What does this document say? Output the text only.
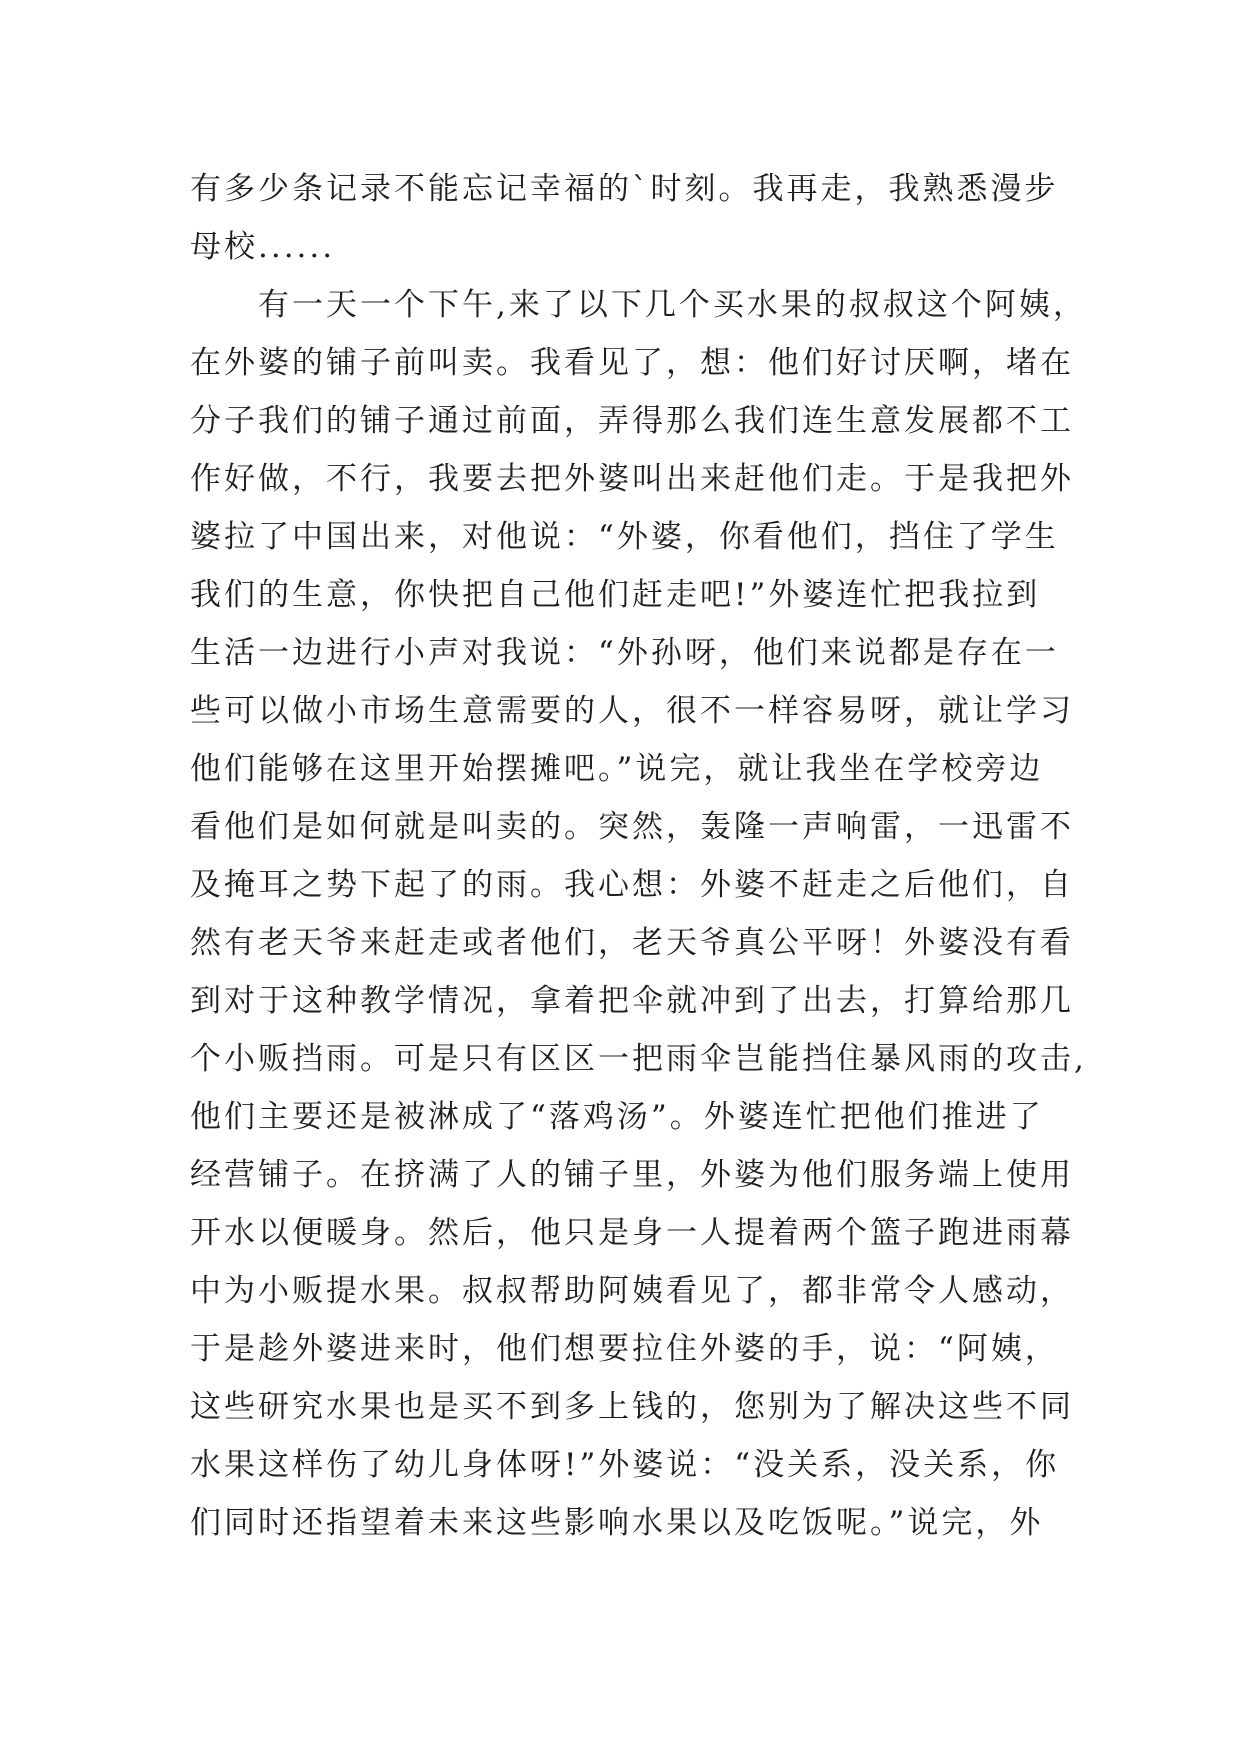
有多少条记录不能忘记幸福的`时刻。我再走，我熟悉漫步
母校......
有一天一个下午,来了以下几个买水果的叔叔这个阿姨，
在外婆的铺子前叫卖。我看见了，想：他们好讨厌啊，堵在
分子我们的铺子通过前面，弄得那么我们连生意发展都不工
作好做，不行，我要去把外婆叫出来赶他们走。于是我把外
婆拉了中国出来，对他说：“外婆，你看他们，挡住了学生
我们的生意，你快把自己他们赶走吧!”外婆连忙把我拉到
生活一边进行小声对我说：“外孙呀，他们来说都是存在一
些可以做小市场生意需要的人，很不一样容易呀，就让学习
他们能够在这里开始摆摊吧。”说完，就让我坐在学校旁边
看他们是如何就是叫卖的。突然，轰隆一声响雷，一迅雷不
及掩耳之势下起了的雨。我心想：外婆不赶走之后他们，自
然有老天爷来赶走或者他们，老天爷真公平呀！外婆没有看
到对于这种教学情况，拿着把伞就冲到了出去，打算给那几
个小贩挡雨。可是只有区区一把雨伞岂能挡住暴风雨的攻击,
他们主要还是被淋成了“落鸡汤”。外婆连忙把他们推进了
经营铺子。在挤满了人的铺子里，外婆为他们服务端上使用
开水以便暖身。然后，他只是身一人提着两个篮子跑进雨幕
中为小贩提水果。叔叔帮助阿姨看见了，都非常令人感动，
于是趁外婆进来时，他们想要拉住外婆的手，说：“阿姨，
这些研究水果也是买不到多上钱的，您别为了解决这些不同
水果这样伤了幼儿身体呀!”外婆说：“没关系，没关系，你
们同时还指望着未来这些影响水果以及吃饭呢。”说完，外
